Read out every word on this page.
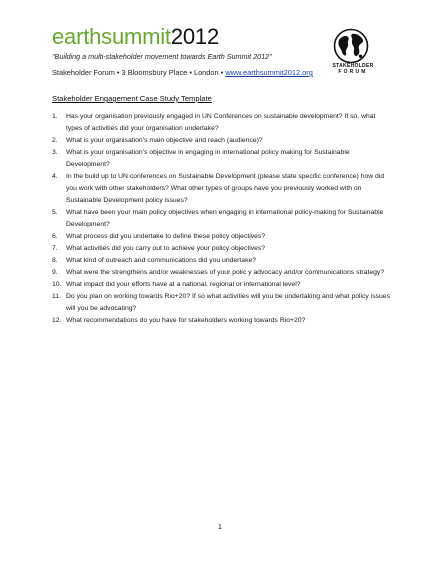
earthsummit2012
"Building a multi-stakeholder movement towards Earth Summit 2012"
Stakeholder Forum • 3 Bloomsbury Place • London • www.earthsummit2012.org
STAKEHOLDER
FORUM
Stakeholder Engagement Case Study Template
1. Has your organisation previously engaged in UN Conferences on sustainable development? If so, what types of activities did your organisation undertake?
2. What is your organisation’s main objective and reach (audience)?
3. What is your organisation’s objective in engaging in international policy making for Sustainable Development?
4. In the build up to UN conferences on Sustainable Development (please state specific conference) how did you work with other stakeholders? What other types of groups have you previously worked with on Sustainable Development policy issues?
5. What have been your main policy objectives when engaging in international policy-making for Sustainable Development?
6. What process did you undertake to define these policy objectives?
7. What activities did you carry out to achieve your policy objectives?
8. What kind of outreach and communications did you undertake?
9. What were the strengthens and/or weaknesses of your polic y advocacy and/or communications strategy?
10. What impact did your efforts have at a national, regional or international level?
11. Do you plan on working towards Rio+20? If so what activities will you be undertaking and what policy issues will you be advocating?
12. What recommendations do you have for stakeholders working towards Rio+20?
1
